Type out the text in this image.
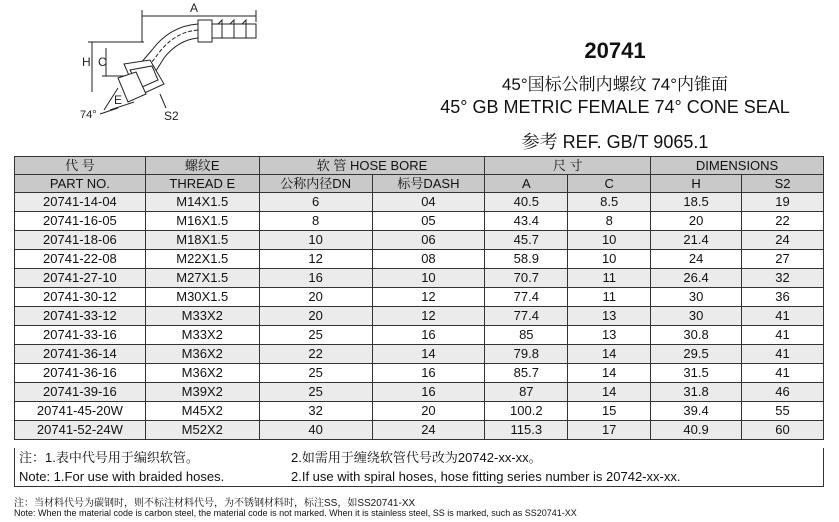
A
H C
E
74°	S2
20741
45°国标公制内螺纹 74°内锥面
45° GB METRIC FEMALE 74° CONE SEAL
参考 REF. GB/T 9065.1
代 号	螺纹E	软 管 HOSE BORE		尺 寸		DIMENSIONS	
PART NO.	THREAD E	公称内径DN	标号DASH	A	C	H	S2
20741-14-04	M14X1.5	6	04	40.5	8.5	18.5	19
20741-16-05	M16X1.5	8	05	43.4	8	20	22
20741-18-06	M18X1.5	10	06	45.7	10	21.4	24
20741-22-08	M22X1.5	12	08	58.9	10	24	27
20741-27-10	M27X1.5	16	10	70.7	11	26.4	32
20741-30-12	M30X1.5	20	12	77.4	11	30	36
20741-33-12	M33X2	20	12	77.4	13	30	41
20741-33-16	M33X2	25	16	85	13	30.8	41
20741-36-14	M36X2	22	14	79.8	14	29.5	41
20741-36-16	M36X2	25	16	85.7	14	31.5	41
20741-39-16	M39X2	25	16	87	14	31.8	46
20741-45-20W	M45X2	32	20	100.2	15	39.4	55
20741-52-24W	M52X2	40	24	115.3	17	40.9	60
注：1.表中代号用于编织软管。	2.如需用于缠绕软管代号改为20742-xx-xx。
Note: 1.For use with braided hoses.	2.If use with spiral hoses, hose fitting series number is 20742-xx-xx.
注：当材料代号为碳钢时，则不标注材料代号，为不锈钢材料时，标注SS，如SS20741-XX
Note: When the material code is carbon steel, the material code is not marked. When it is stainless steel, SS is marked, such as SS20741-XX
